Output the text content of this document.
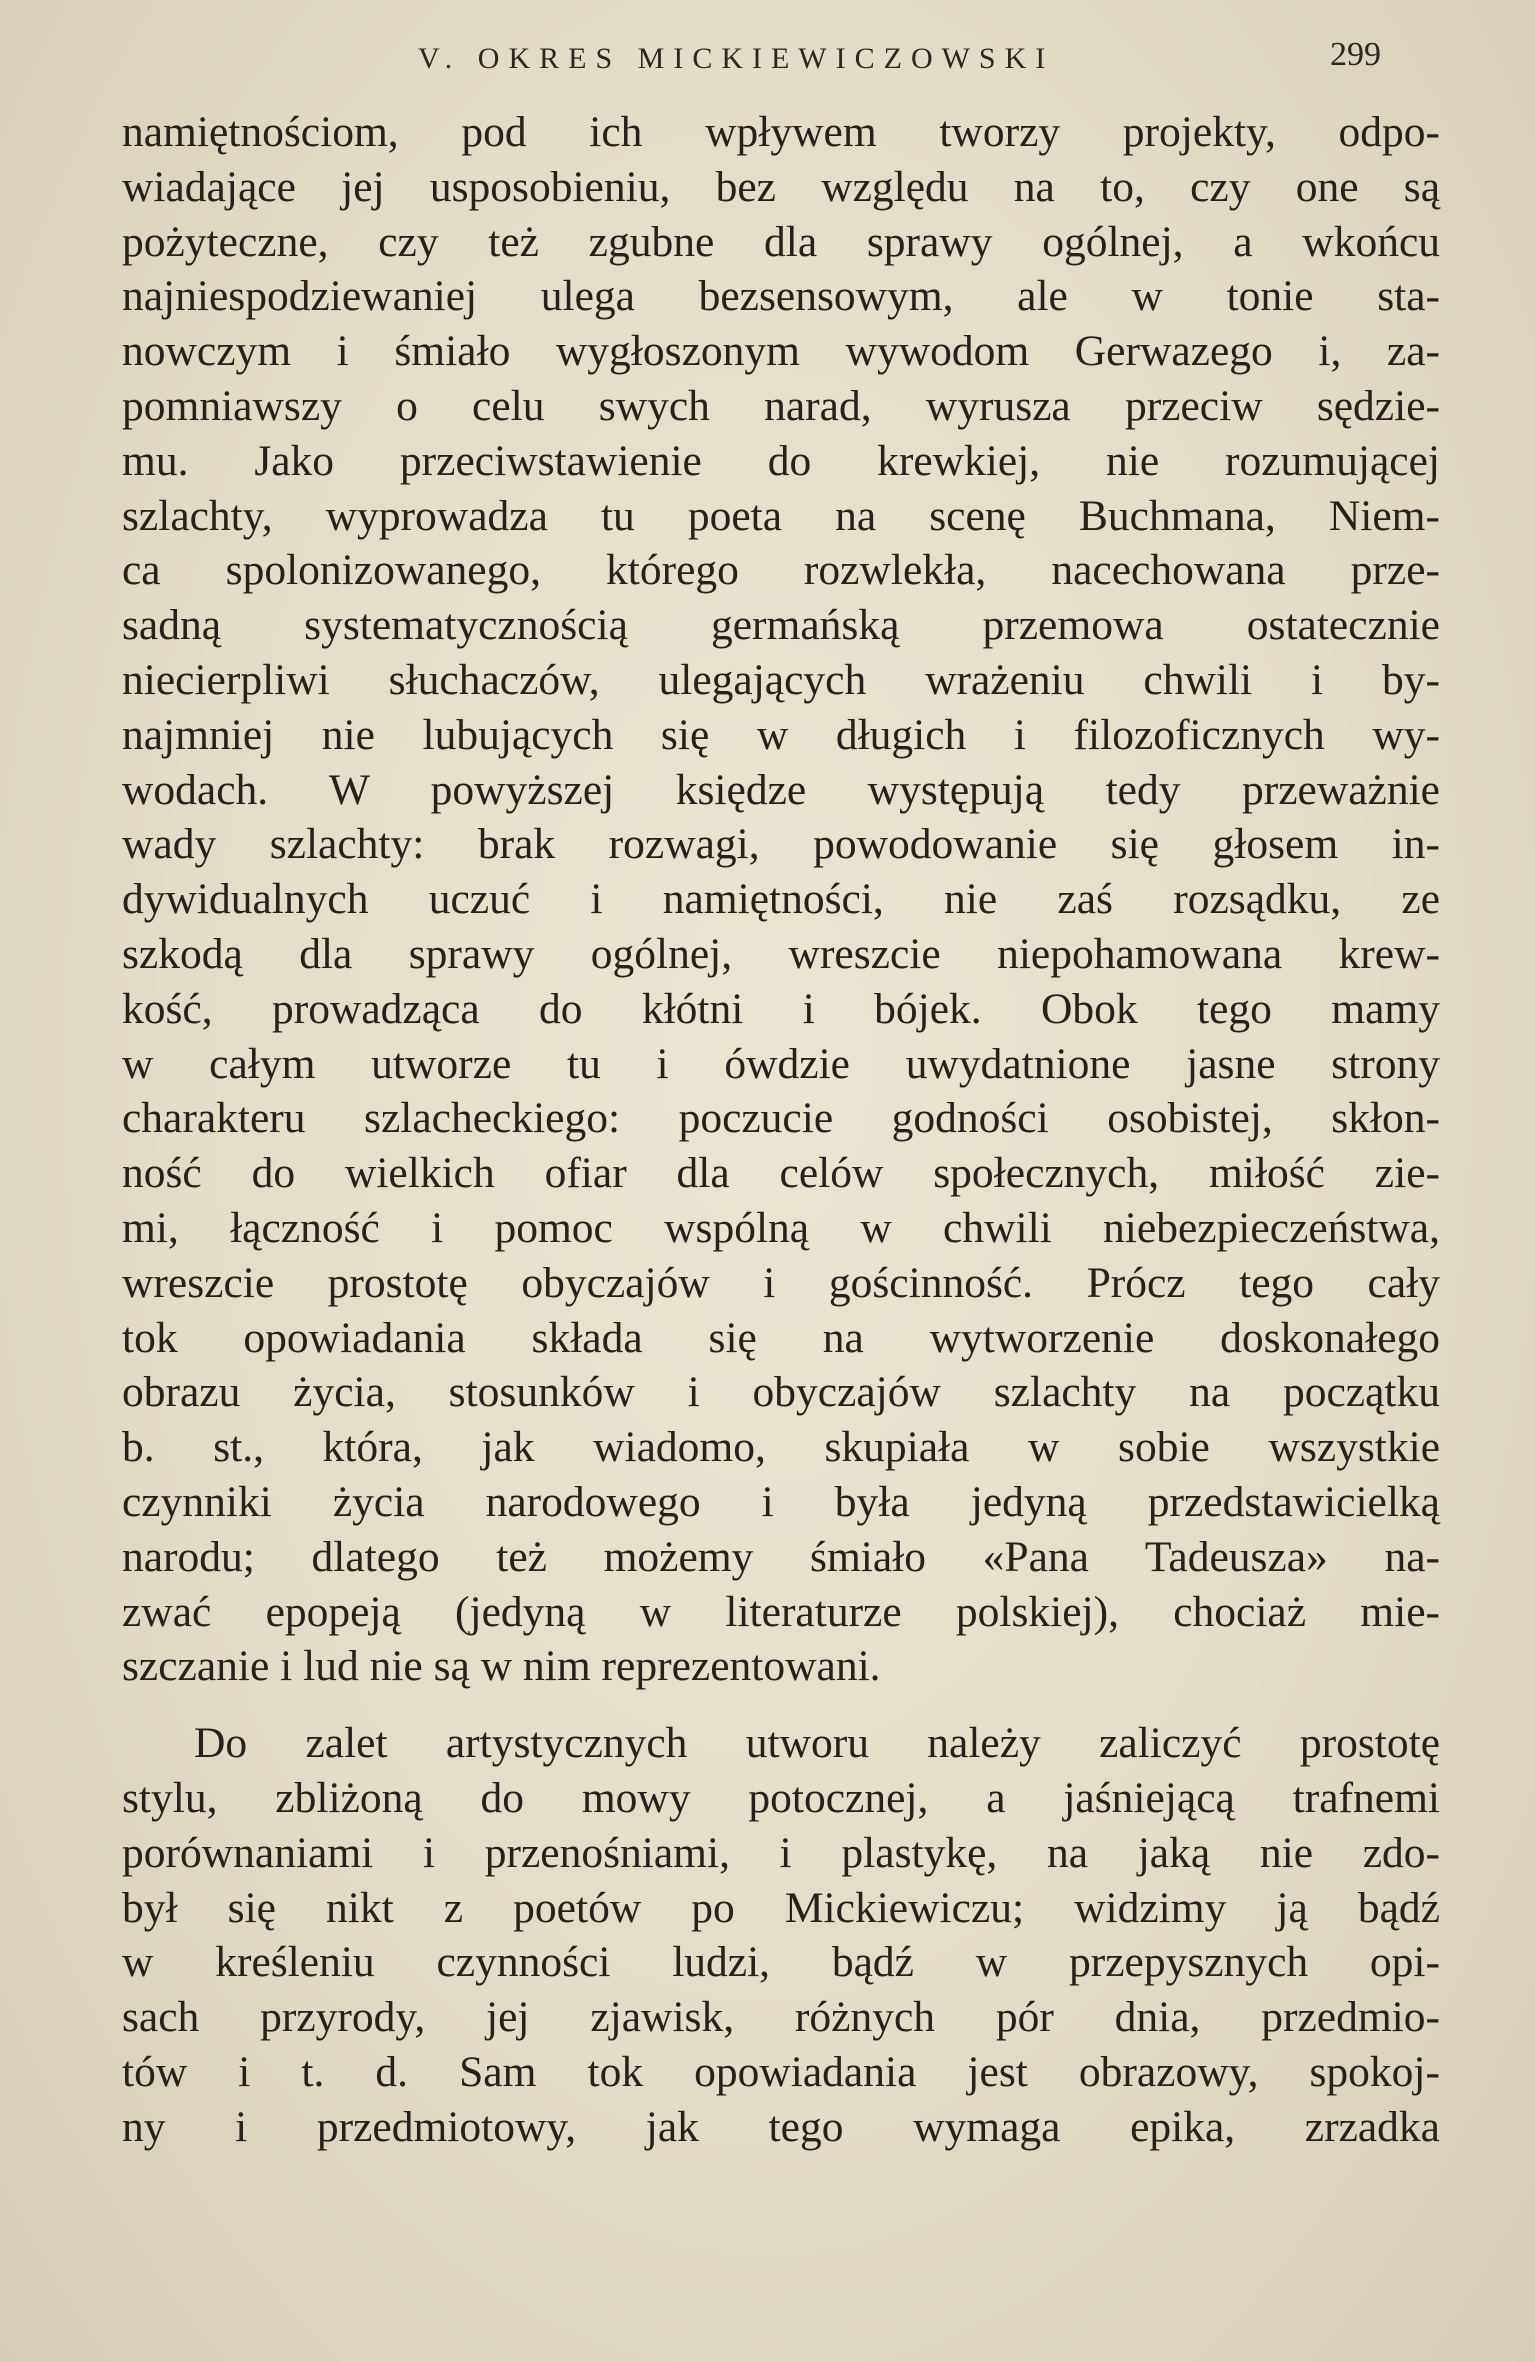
V. OKRES MICKIEWICZOWSKI	299
namiętnościom, pod ich wpływem tworzy projekty, odpo-
wiadające jej usposobieniu, bez względu na to, czy one są
pożyteczne, czy też zgubne dla sprawy ogólnej, a wkońcu
najniespodziewaniej ulega bezsensowym, ale w tonie sta-
nowczym i śmiało wygłoszonym wywodom Gerwazego i, za-
pomniawszy o celu swych narad, wyrusza przeciw sędzie-
mu. Jako przeciwstawienie do krewkiej, nie rozumującej
szlachty, wyprowadza tu poeta na scenę Buchmana, Niem-
ca spolonizowanego, którego rozwlekła, nacechowana prze-
sadną systematycznością germańską przemowa ostatecznie
niecierpliwi słuchaczów, ulegających wrażeniu chwili i by-
najmniej nie lubujących się w długich i filozoficznych wy-
wodach. W powyższej księdze występują tedy przeważnie
wady szlachty: brak rozwagi, powodowanie się głosem in-
dywidualnych uczuć i namiętności, nie zaś rozsądku, ze
szkodą dla sprawy ogólnej, wreszcie niepohamowana krew-
kość, prowadząca do kłótni i bójek. Obok tego mamy
w całym utworze tu i ówdzie uwydatnione jasne strony
charakteru szlacheckiego: poczucie godności osobistej, skłon-
ność do wielkich ofiar dla celów społecznych, miłość zie-
mi, łączność i pomoc wspólną w chwili niebezpieczeństwa,
wreszcie prostotę obyczajów i gościnność. Prócz tego cały
tok opowiadania składa się na wytworzenie doskonałego
obrazu życia, stosunków i obyczajów szlachty na początku
b. st., która, jak wiadomo, skupiała w sobie wszystkie
czynniki życia narodowego i była jedyną przedstawicielką
narodu; dlatego też możemy śmiało «Pana Tadeusza» na-
zwać epopeją (jedyną w literaturze polskiej), chociaż mie-
szczanie i lud nie są w nim reprezentowani.
Do zalet artystycznych utworu należy zaliczyć prostotę
stylu, zbliżoną do mowy potocznej, a jaśniejącą trafnemi
porównaniami i przenośniami, i plastykę, na jaką nie zdo-
był się nikt z poetów po Mickiewiczu; widzimy ją bądź
w kreśleniu czynności ludzi, bądź w przepysznych opi-
sach przyrody, jej zjawisk, różnych pór dnia, przedmio-
tów i t. d. Sam tok opowiadania jest obrazowy, spokoj-
ny i przedmiotowy, jak tego wymaga epika, zrzadka
